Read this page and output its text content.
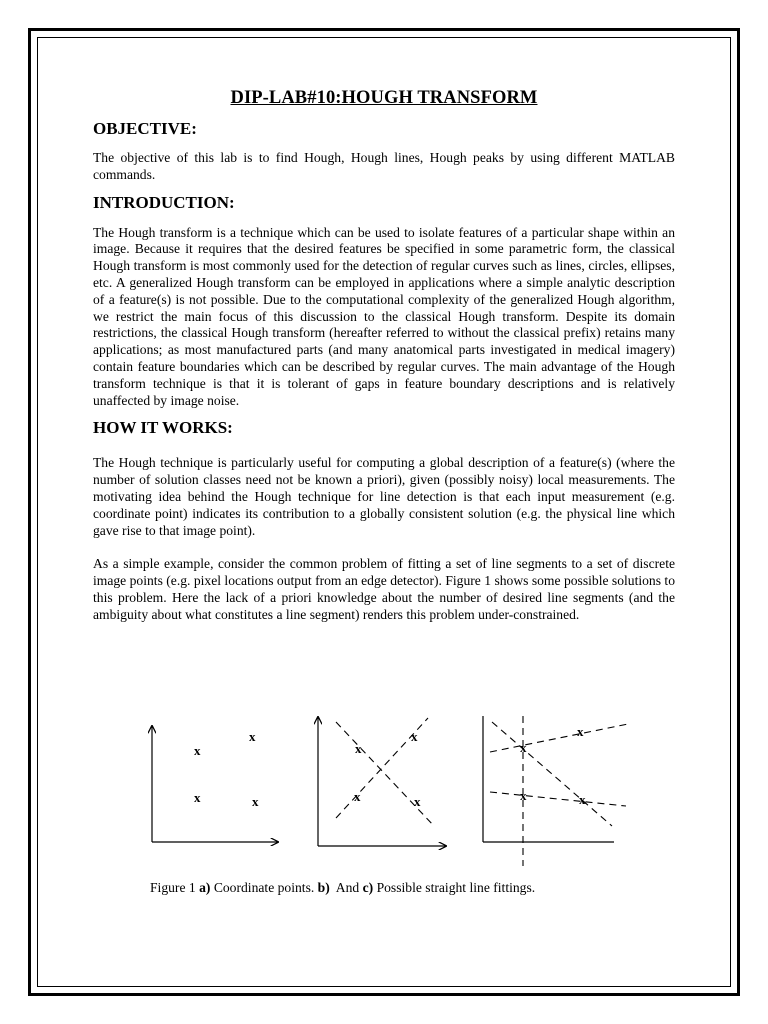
DIP-LAB#10:HOUGH TRANSFORM
OBJECTIVE:

The objective of this lab is to find Hough, Hough lines, Hough peaks by using different MATLAB commands.

INTRODUCTION:

The Hough transform is a technique which can be used to isolate features of a particular shape within an image. Because it requires that the desired features be specified in some parametric form, the classical Hough transform is most commonly used for the detection of regular curves such as lines, circles, ellipses, etc. A generalized Hough transform can be employed in applications where a simple analytic description of a feature(s) is not possible. Due to the computational complexity of the generalized Hough algorithm, we restrict the main focus of this discussion to the classical Hough transform. Despite its domain restrictions, the classical Hough transform (hereafter referred to without the classical prefix) retains many applications; as most manufactured parts (and many anatomical parts investigated in medical imagery) contain feature boundaries which can be described by regular curves. The main advantage of the Hough transform technique is that it is tolerant of gaps in feature boundary descriptions and is relatively unaffected by image noise.

HOW IT WORKS:

The Hough technique is particularly useful for computing a global description of a feature(s) (where the number of solution classes need not be known a priori), given (possibly noisy) local measurements. The motivating idea behind the Hough technique for line detection is that each input measurement (e.g. coordinate point) indicates its contribution to a globally consistent solution (e.g. the physical line which gave rise to that image point).

As a simple example, consider the common problem of fitting a set of line segments to a set of discrete image points (e.g. pixel locations output from an edge detector). Figure 1 shows some possible solutions to this problem. Here the lack of a priori knowledge about the number of desired line segments (and the ambiguity about what constitutes a line segment) renders this problem under-constrained.

x
x
x	x
x
x
x	x
x
x
x	x
Figure 1 a) Coordinate points. b)  And c) Possible straight line fittings.
